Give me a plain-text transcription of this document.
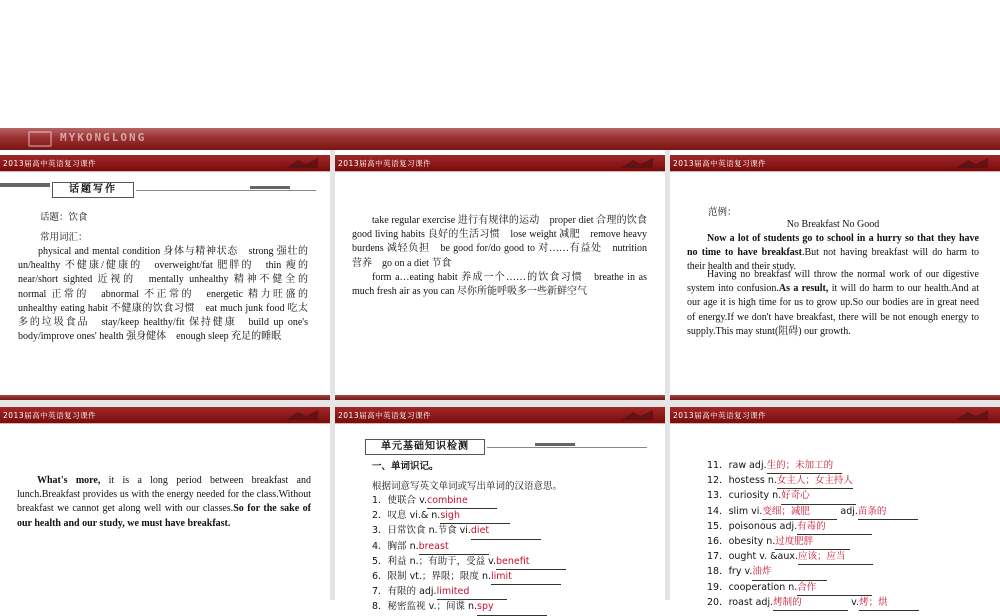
MYKONGLONG
2013届高中英语复习课件
话题写作
话题：饮食
常用词汇：
physical and mental condition 身体与精神状态　strong 强壮的　un/healthy 不健康/健康的　overweight/fat 肥胖的　thin 瘦的　near/short sighted 近视的　mentally unhealthy 精神不健全的　normal 正常的　abnormal 不正常的　energetic 精力旺盛的　unhealthy eating habit 不健康的饮食习惯　eat much junk food 吃太多的垃圾食品　stay/keep healthy/fit 保持健康　build up one's body/improve ones' health 强身健体　enough sleep 充足的睡眠
2013届高中英语复习课件
take regular exercise 进行有规律的运动　proper diet 合理的饮食　good living habits 良好的生活习惯　lose weight 减肥　remove heavy burdens 减轻负担　be good for/do good to 对……有益处　nutrition 营养　go on a diet 节食
form a…eating habit 养成一个……的饮食习惯　breathe in as much fresh air as you can 尽你所能呼吸多一些新鲜空气
2013届高中英语复习课件
范例：
No Breakfast No Good
Now a lot of students go to school in a hurry so that they have no time to have breakfast.But not having breakfast will do harm to their health and their study.
Having no breakfast will throw the normal work of our digestive system into confusion.As a result, it will do harm to our health.And at our age it is high time for us to grow up.So our bodies are in great need of energy.If we don't have breakfast, there will be not enough energy to supply.This may stunt(阻碍) our growth.
2013届高中英语复习课件
What's more, it is a long period between breakfast and lunch.Breakfast provides us with the energy needed for the class.Without breakfast we cannot get along well with our classes.So for the sake of our health and our study, we must have breakfast.
2013届高中英语复习课件
单元基础知识检测
一、单词识记。
根据词意写英文单词或写出单词的汉语意思。
1．使联合 v.combine
2．叹息 vi.& n.sigh
3．日常饮食 n.节食 vi.diet
4．胸部 n.breast
5．利益 n.；有助于，受益 v.benefit
6．限制 vt.；界限；限度 n.limit
7．有限的 adj.limited
8．秘密监视 v.；间谍 n.spy
2013届高中英语复习课件
11．raw adj.生的；未加工的
12．hostess n.女主人；女主持人
13．curiosity n.好奇心
14．slim vi.变细；减肥	adj.苗条的
15．poisonous adj.有毒的
16．obesity n.过度肥胖
17．ought v. &aux.应该；应当
18．fry v.油炸
19．cooperation n.合作
20．roast adj.烤制的	v.烤；烘
